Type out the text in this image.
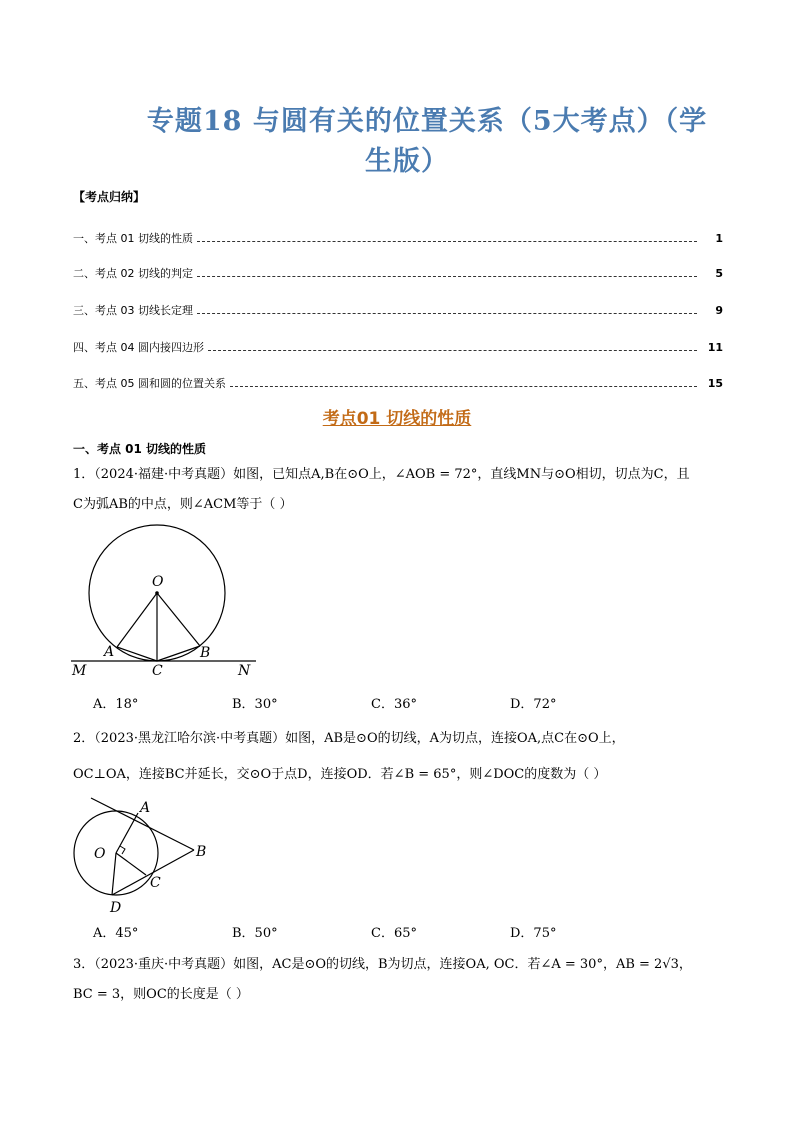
专题18 与圆有关的位置关系（5大考点）（学
生版）
【考点归纳】
一、考点 01 切线的性质	1
二、考点 02 切线的判定	5
三、考点 03 切线长定理	9
四、考点 04 圆内接四边形	11
五、考点 05 圆和圆的位置关系	15
考点01 切线的性质
一、考点 01 切线的性质
1．（2024·福建·中考真题）如图，已知点A,B在⊙O上，∠AOB = 72°，直线MN与⊙O相切，切点为C，且
C为弧AB的中点，则∠ACM等于（ ）
O
A	B
C
M	N
A．18°	B．30°	C．36°	D．72°
2．（2023·黑龙江哈尔滨·中考真题）如图，AB是⊙O的切线，A为切点，连接OA,点C在⊙O上，
OC⊥OA，连接BC并延长，交⊙O于点D，连接OD．若∠B = 65°，则∠DOC的度数为（ ）
A
B
C
D
O
A．45°	B．50°	C．65°	D．75°
3．（2023·重庆·中考真题）如图，AC是⊙O的切线，B为切点，连接OA, OC．若∠A = 30°，AB = 2√3，
BC = 3，则OC的长度是（ ）
